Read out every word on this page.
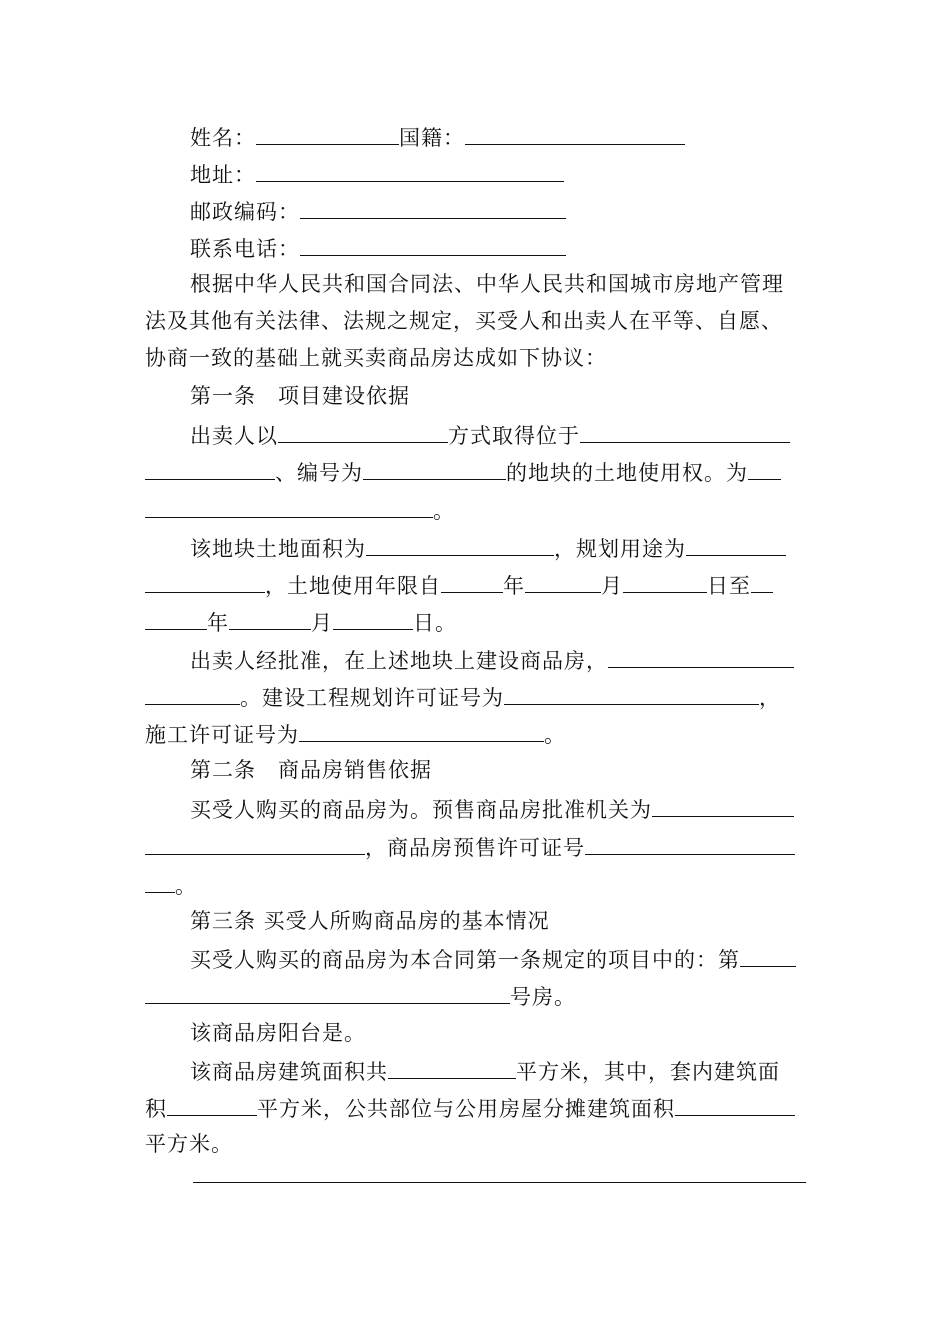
姓名：	国籍：
地址：
邮政编码：
联系电话：
根据中华人民共和国合同法、中华人民共和国城市房地产管理
法及其他有关法律、法规之规定，买受人和出卖人在平等、自愿、
协商一致的基础上就买卖商品房达成如下协议：
第一条 项目建设依据
出卖人以	方式取得位于
、编号为	的地块的土地使用权。为
。
该地块土地面积为	，规划用途为
，土地使用年限自	年	月	日至
年	月	日。
出卖人经批准，在上述地块上建设商品房，
。建设工程规划许可证号为	，
施工许可证号为	。
第二条 商品房销售依据
买受人购买的商品房为。预售商品房批准机关为
，商品房预售许可证号
。
第三条 买受人所购商品房的基本情况
买受人购买的商品房为本合同第一条规定的项目中的：第
号房。
该商品房阳台是。
该商品房建筑面积共	平方米，其中，套内建筑面
积	平方米，公共部位与公用房屋分摊建筑面积
平方米。
